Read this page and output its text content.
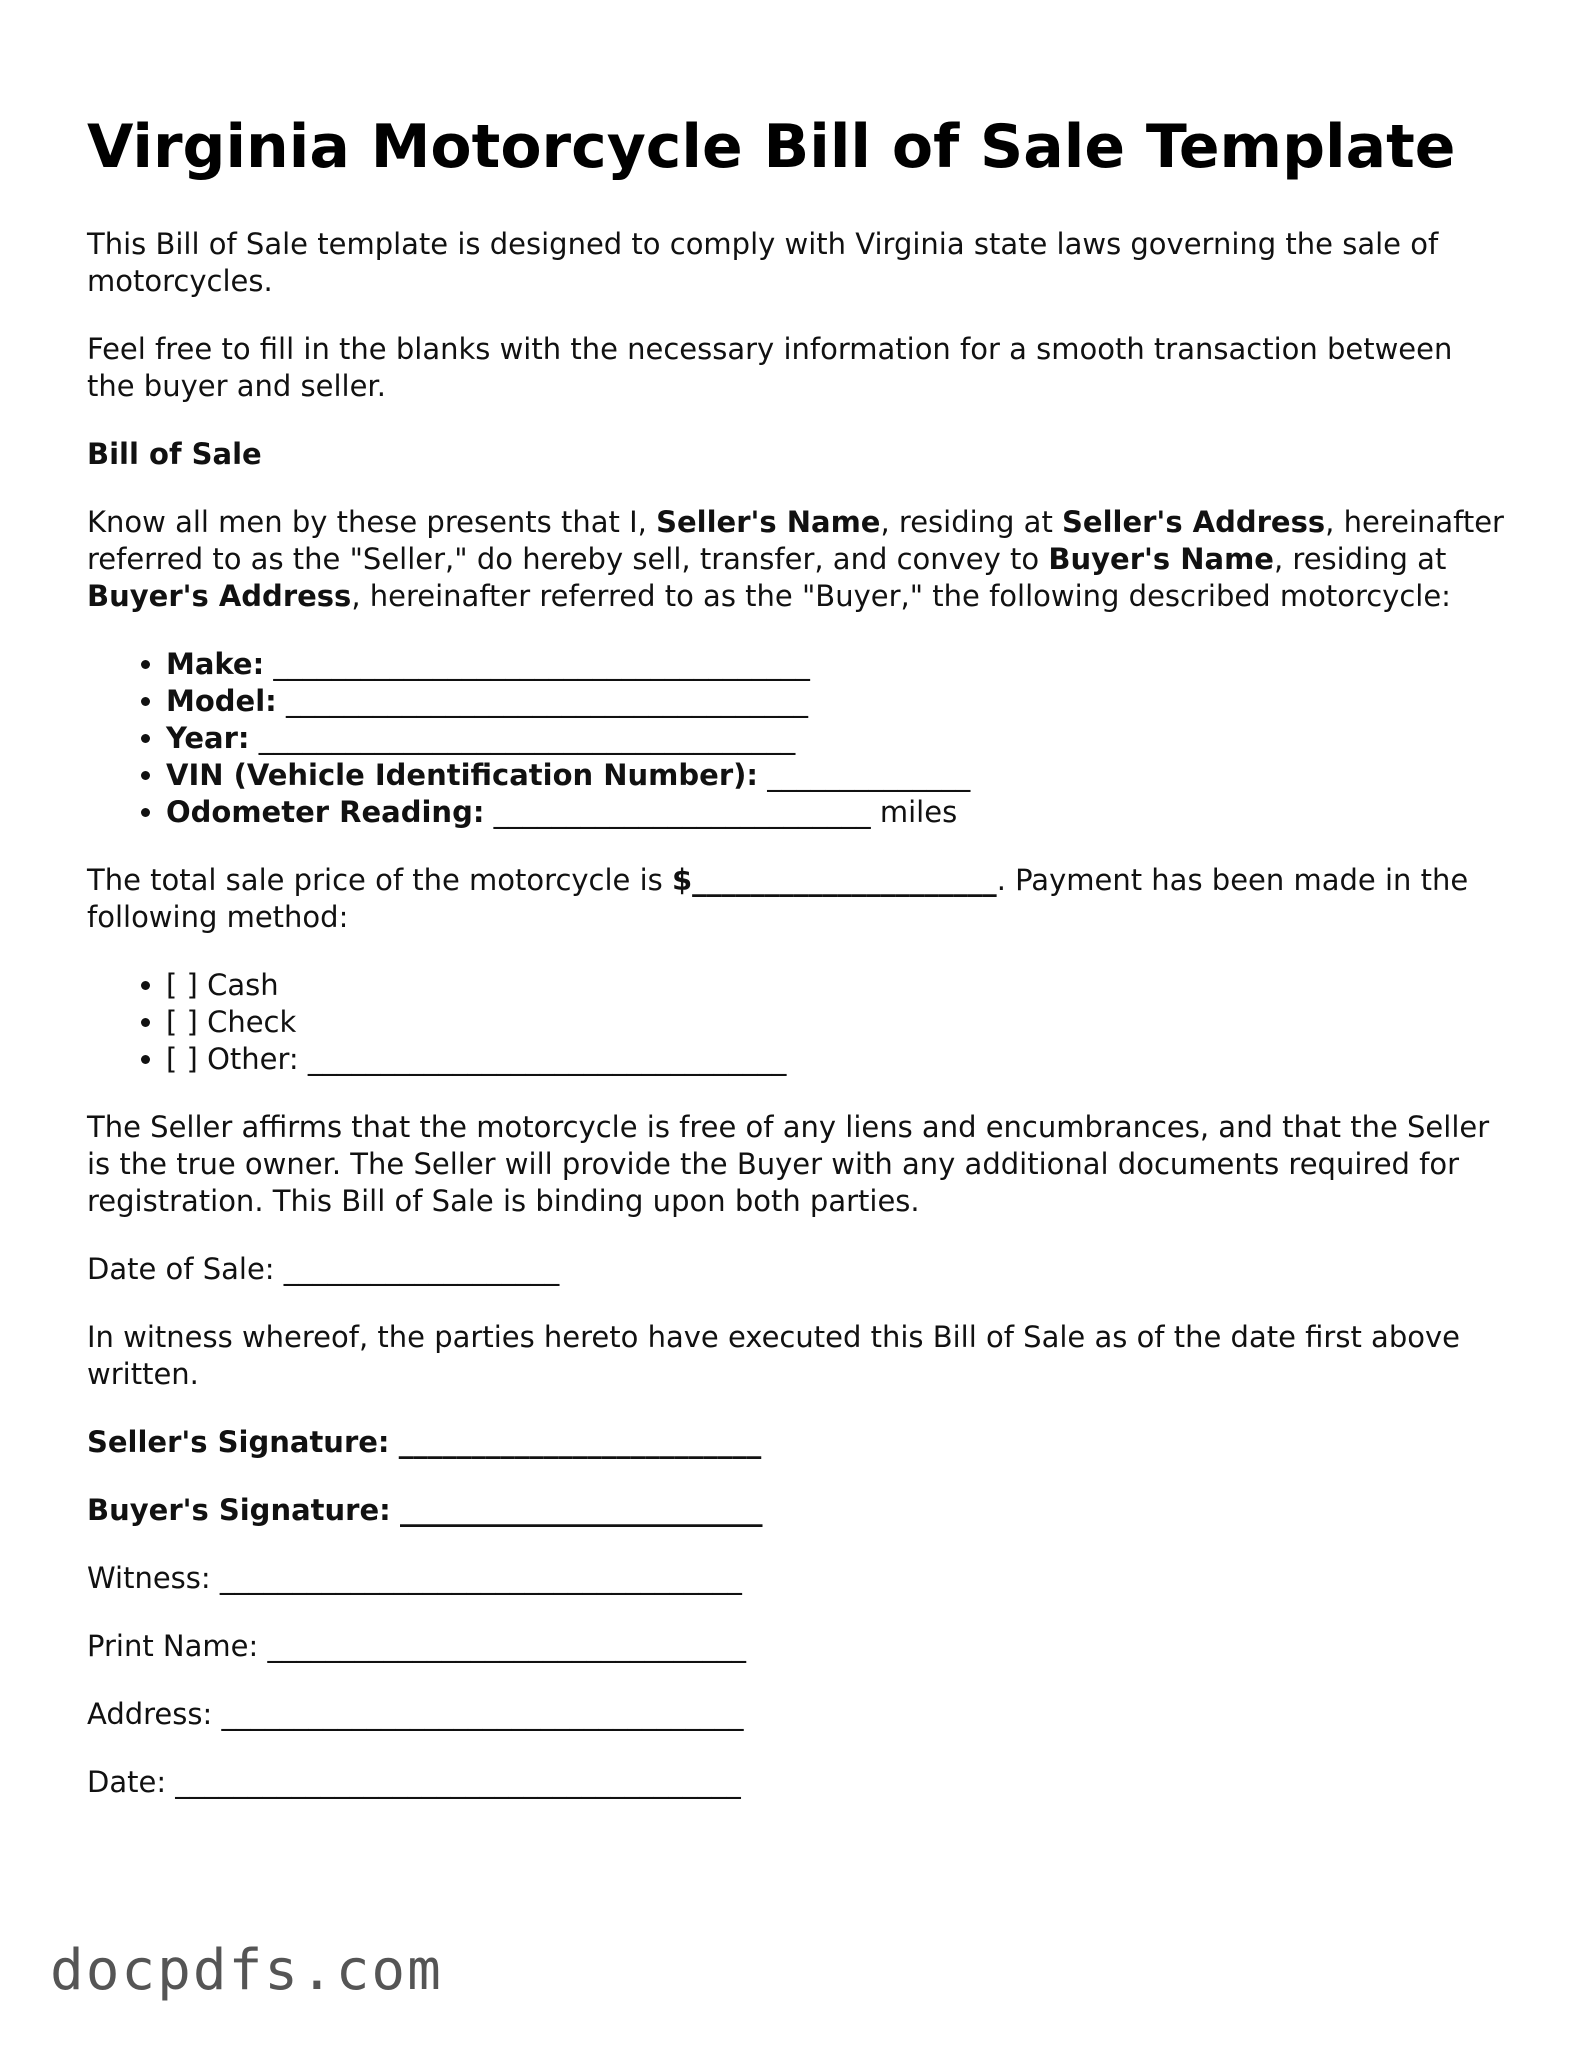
Virginia Motorcycle Bill of Sale Template

This Bill of Sale template is designed to comply with Virginia state laws governing the sale of motorcycles.

Feel free to fill in the blanks with the necessary information for a smooth transaction between the buyer and seller.

Bill of Sale

Know all men by these presents that I, Seller's Name, residing at Seller's Address, hereinafter referred to as the "Seller," do hereby sell, transfer, and convey to Buyer's Name, residing at Buyer's Address, hereinafter referred to as the "Buyer," the following described motorcycle:

• Make: _____________________________________
• Model: ____________________________________
• Year: _____________________________________
• VIN (Vehicle Identification Number): ______________
• Odometer Reading: __________________________ miles

The total sale price of the motorcycle is $_____________________. Payment has been made in the following method:

• [ ] Cash
• [ ] Check
• [ ] Other: _________________________________

The Seller affirms that the motorcycle is free of any liens and encumbrances, and that the Seller is the true owner. The Seller will provide the Buyer with any additional documents required for registration. This Bill of Sale is binding upon both parties.

Date of Sale: ___________________

In witness whereof, the parties hereto have executed this Bill of Sale as of the date first above written.

Seller's Signature: _________________________
Buyer's Signature: _________________________
Witness: ____________________________________
Print Name: _________________________________
Address: ____________________________________
Date: _______________________________________
docpdfs.com
